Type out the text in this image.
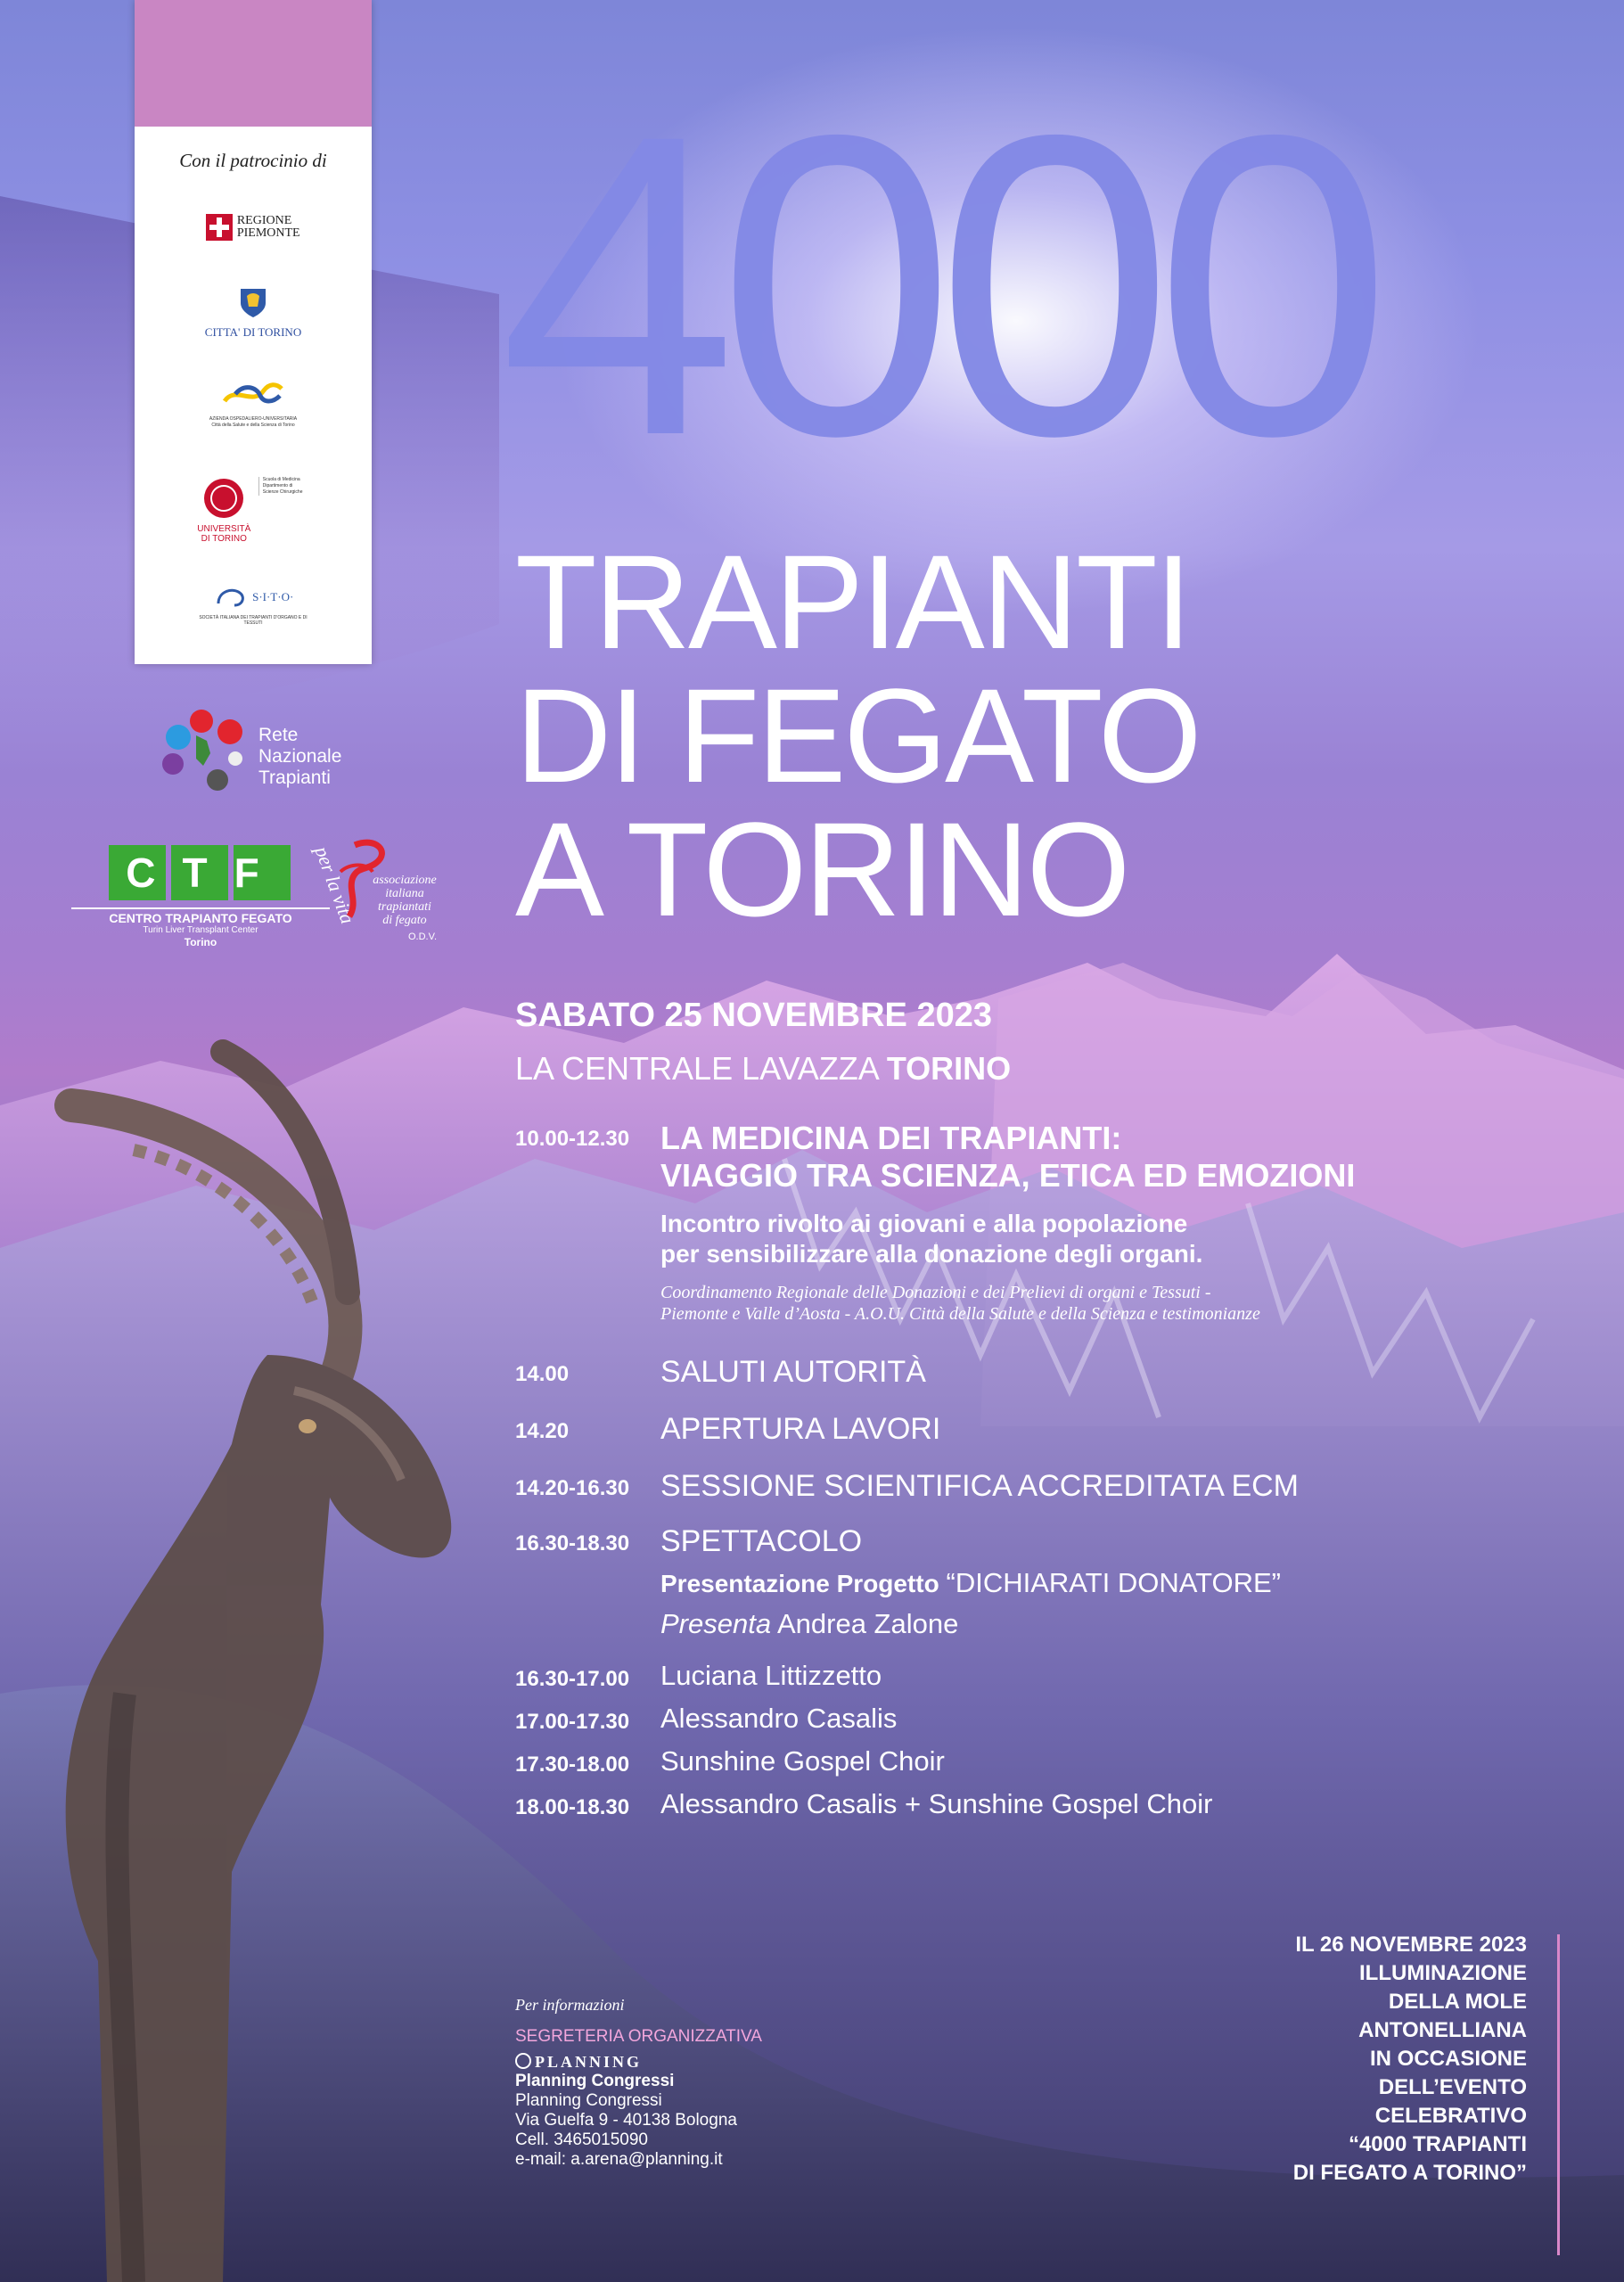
Con il patrocinio di
REGIONE
PIEMONTE
CITTA' DI TORINO
AZIENDA OSPEDALIERO-UNIVERSITARIA
Città della Salute e della Scienza di Torino
UNIVERSITÀ
DI TORINO
Scuola di Medicina
Dipartimento di Scienze Chirurgiche
$^{S\cdot I\cdot T\cdot O\cdot}$
SOCIETÀ ITALIANA DEI TRAPIANTI D'ORGANO E DI TESSUTI
Rete
Nazionale
Trapianti
CTF
CENTRO TRAPIANTO FEGATO
Turin Liver Transplant Center
Torino
per la vita associazione
italiana
trapiantati
di fegato
O.D.V.
4000
TRAPIANTI
DI FEGATO
A TORINO
SABATO 25 NOVEMBRE 2023
LA CENTRALE LAVAZZA TORINO
10.00-12.30 LA MEDICINA DEI TRAPIANTI:
VIAGGIO TRA SCIENZA, ETICA ED EMOZIONI
Incontro rivolto ai giovani e alla popolazione
per sensibilizzare alla donazione degli organi.
Coordinamento Regionale delle Donazioni e dei Prelievi di organi e Tessuti -
Piemonte e Valle d’Aosta - A.O.U. Città della Salute e della Scienza e testimonianze
14.00	SALUTI AUTORITÀ
14.20	APERTURA LAVORI
14.20-16.30 SESSIONE SCIENTIFICA ACCREDITATA ECM
16.30-18.30 SPETTACOLO
Presentazione Progetto “DICHIARATI DONATORE”
Presenta Andrea Zalone
16.30-17.00 Luciana Littizzetto
17.00-17.30 Alessandro Casalis
17.30-18.00 Sunshine Gospel Choir
18.00-18.30 Alessandro Casalis + Sunshine Gospel Choir
Per informazioni
SEGRETERIA ORGANIZZATIVA
PLANNING
Planning Congressi
Planning Congressi
Via Guelfa 9 - 40138 Bologna
Cell. 3465015090
e-mail: a.arena@planning.it
IL 26 NOVEMBRE 2023
ILLUMINAZIONE
DELLA MOLE
ANTONELLIANA
IN OCCASIONE
DELL’EVENTO
CELEBRATIVO
“4000 TRAPIANTI
DI FEGATO A TORINO”
